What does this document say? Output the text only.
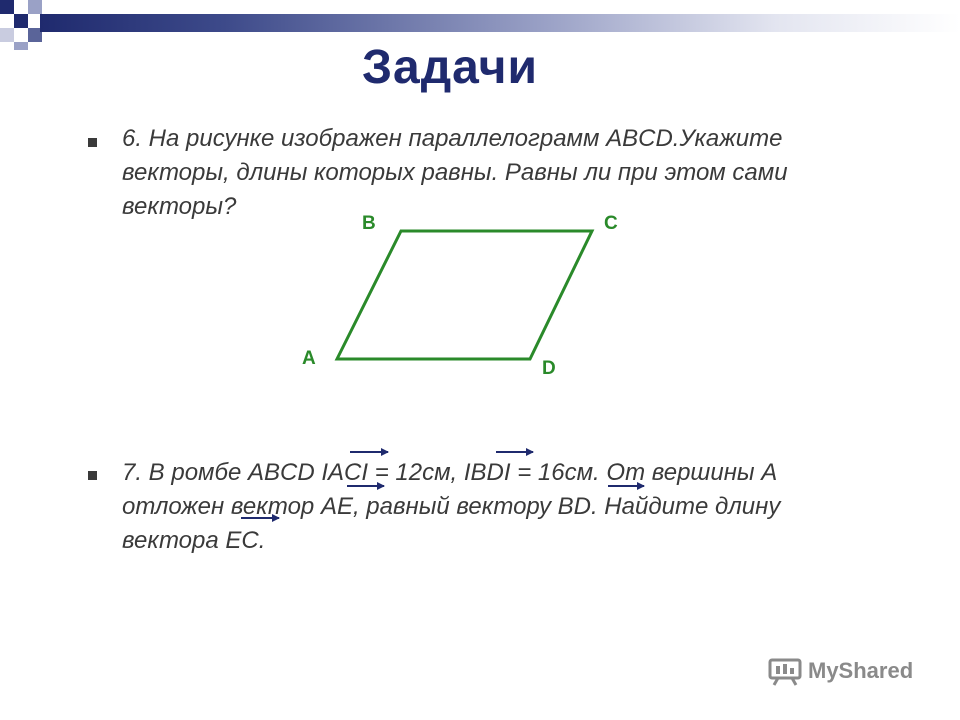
Задачи
6. На рисунке изображен параллелограмм ABCD.Укажите
векторы, длины которых равны. Равны ли при этом сами
векторы?
B	C
A	D
7. В ромбе ABCD IACI = 12см, IBDI = 16см. От вершины A
отложен вектор AE, равный вектору BD. Найдите длину
вектора EC.
MyShared
